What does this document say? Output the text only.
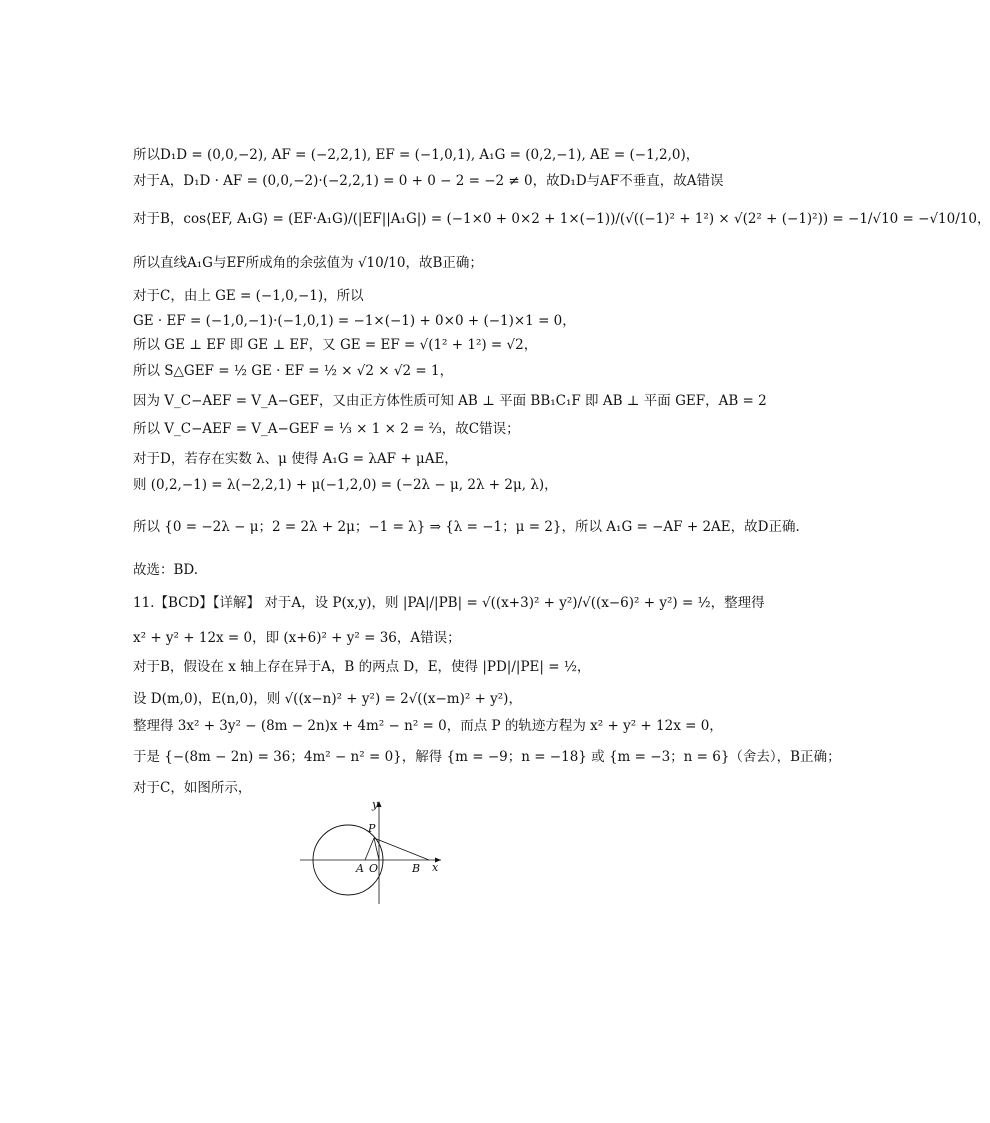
所以D₁D = (0,0,−2), AF = (−2,2,1), EF = (−1,0,1), A₁G = (0,2,−1), AE = (−1,2,0)，
对于A，D₁D · AF = (0,0,−2)·(−2,2,1) = 0 + 0 − 2 = −2 ≠ 0，故D₁D与AF不垂直，故A错误
对于B，cos⟨EF, A₁G⟩ = (EF·A₁G)/(|EF||A₁G|) = (−1×0 + 0×2 + 1×(−1))/(√((−1)² + 1²) × √(2² + (−1)²)) = −1/√10 = −√10/10，
所以直线A₁G与EF所成角的余弦值为 √10/10，故B正确；
对于C，由上 GE = (−1,0,−1)，所以
GE · EF = (−1,0,−1)·(−1,0,1) = −1×(−1) + 0×0 + (−1)×1 = 0，
所以 GE ⊥ EF 即 GE ⊥ EF，又 GE = EF = √(1² + 1²) = √2，
所以 S△GEF = ½ GE · EF = ½ × √2 × √2 = 1，
因为 V_C−AEF = V_A−GEF，又由正方体性质可知 AB ⊥ 平面 BB₁C₁F 即 AB ⊥ 平面 GEF，AB = 2
所以 V_C−AEF = V_A−GEF = ⅓ × 1 × 2 = ⅔，故C错误；
对于D，若存在实数 λ、μ 使得 A₁G = λAF + μAE，
则 (0,2,−1) = λ(−2,2,1) + μ(−1,2,0) = (−2λ − μ, 2λ + 2μ, λ)，
所以 {0 = −2λ − μ；2 = 2λ + 2μ；−1 = λ} ⇒ {λ = −1；μ = 2}，所以 A₁G = −AF + 2AE，故D正确.
故选：BD.
11.【BCD】【详解】 对于A，设 P(x,y)，则 |PA|/|PB| = √((x+3)² + y²)/√((x−6)² + y²) = ½，整理得
x² + y² + 12x = 0，即 (x+6)² + y² = 36，A错误；
对于B，假设在 x 轴上存在异于A，B 的两点 D，E，使得 |PD|/|PE| = ½，
设 D(m,0)，E(n,0)，则 √((x−n)² + y²) = 2√((x−m)² + y²)，
整理得 3x² + 3y² − (8m − 2n)x + 4m² − n² = 0，而点 P 的轨迹方程为 x² + y² + 12x = 0，
于是 {−(8m − 2n) = 36；4m² − n² = 0}，解得 {m = −9；n = −18} 或 {m = −3；n = 6}（舍去），B正确；
对于C，如图所示，
y
x
P
A O	B
